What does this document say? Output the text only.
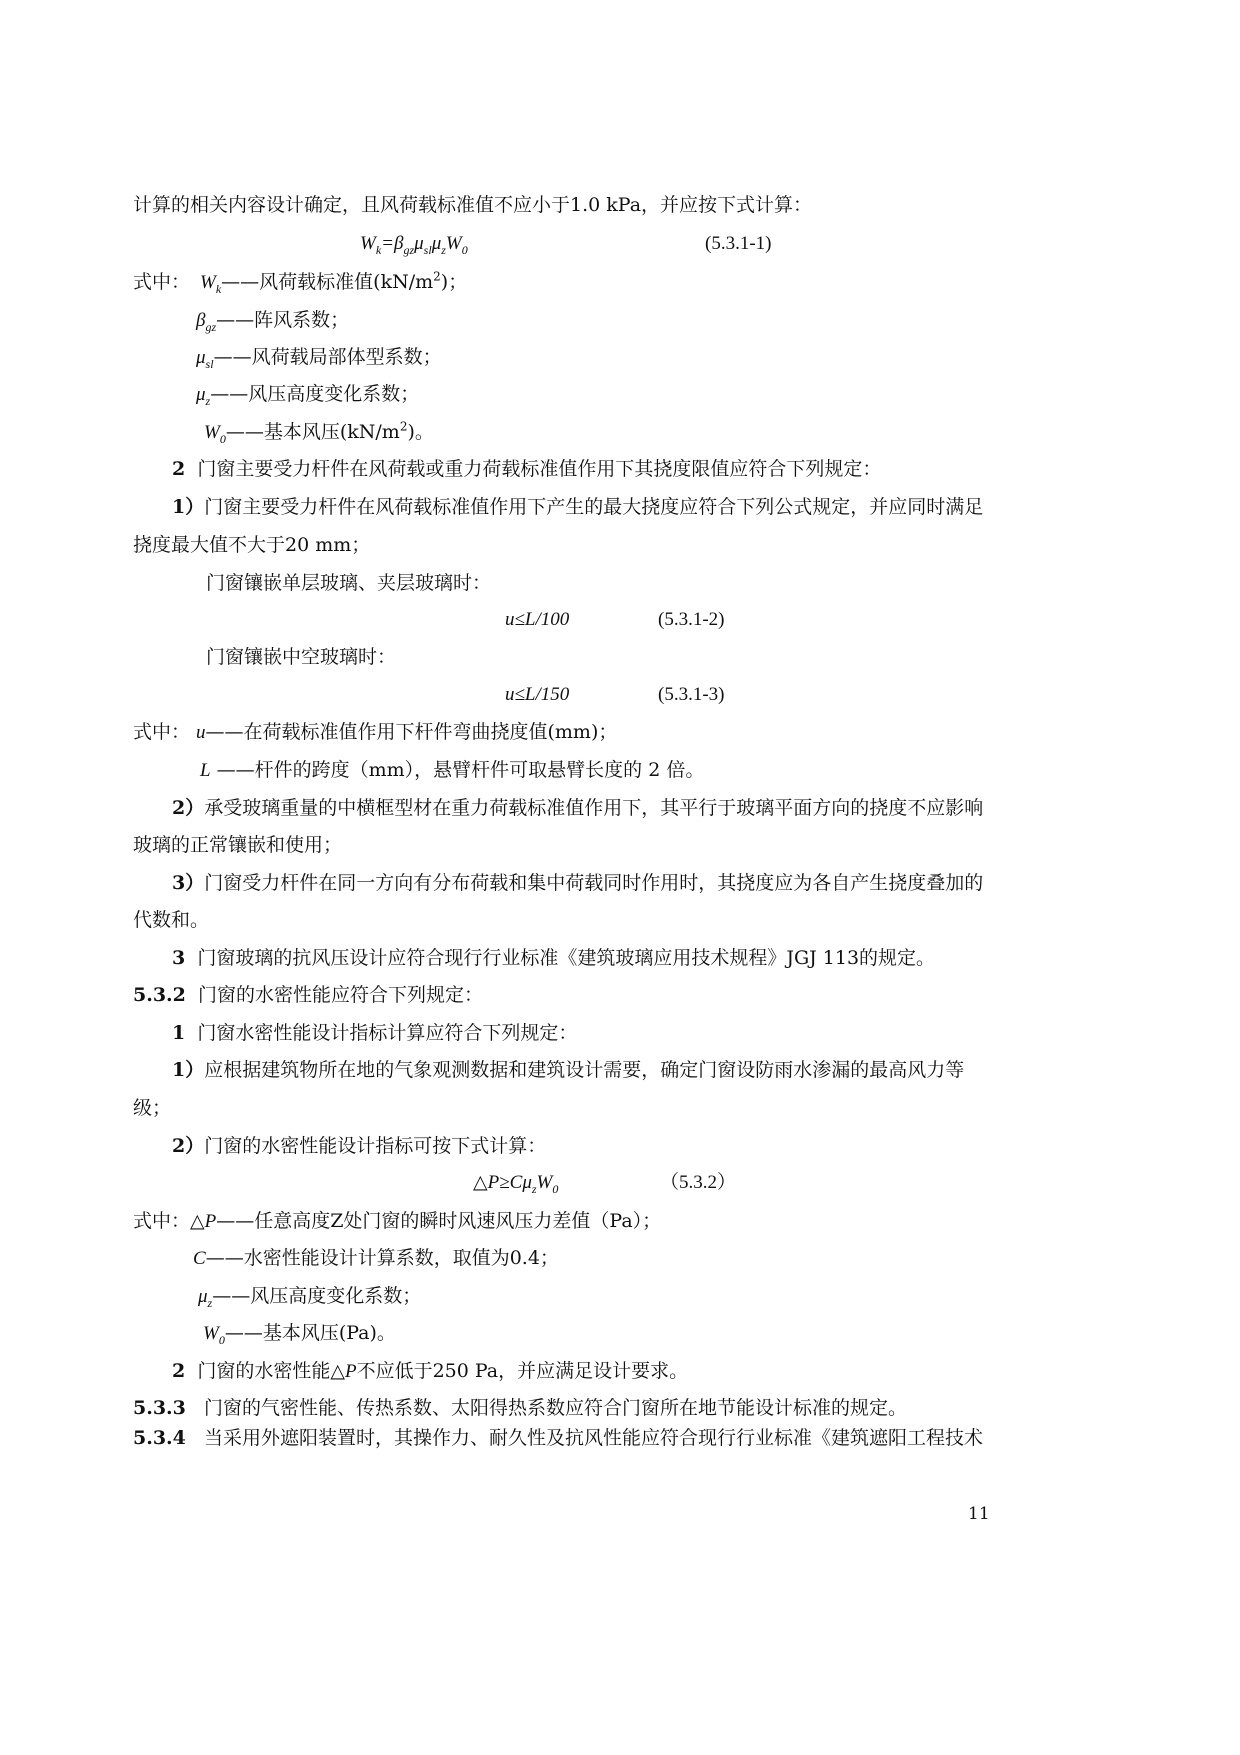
计算的相关内容设计确定，且风荷载标准值不应小于1.0 kPa，并应按下式计算：
$W_k=\beta_{gz}\mu_{sl}\mu_zW_0$	(5.3.1-1)
式中： $W_k——$风荷载标准值$(kN/m^2)$；
$\beta_{gz}——$阵风系数；
$\mu_{sl}——$风荷载局部体型系数；
$\mu_z——$风压高度变化系数；
$W_0——$基本风压$(kN/m^2)$。
2 门窗主要受力杆件在风荷载或重力荷载标准值作用下其挠度限值应符合下列规定：
1）门窗主要受力杆件在风荷载标准值作用下产生的最大挠度应符合下列公式规定，并应同时满足
挠度最大值不大于20 mm；
门窗镶嵌单层玻璃、夹层玻璃时：
u≤L/100	(5.3.1-2)
门窗镶嵌中空玻璃时：
u≤L/150	(5.3.1-3)
式中： u——在荷载标准值作用下杆件弯曲挠度值(mm)；
L ——杆件的跨度（mm），悬臂杆件可取悬臂长度的 2 倍。
2）承受玻璃重量的中横框型材在重力荷载标准值作用下，其平行于玻璃平面方向的挠度不应影响
玻璃的正常镶嵌和使用；
3）门窗受力杆件在同一方向有分布荷载和集中荷载同时作用时，其挠度应为各自产生挠度叠加的
代数和。
3 门窗玻璃的抗风压设计应符合现行行业标准《建筑玻璃应用技术规程》JGJ 113的规定。
5.3.2 门窗的水密性能应符合下列规定：
1 门窗水密性能设计指标计算应符合下列规定：
1）应根据建筑物所在地的气象观测数据和建筑设计需要，确定门窗设防雨水渗漏的最高风力等
级；
2）门窗的水密性能设计指标可按下式计算：
$\triangle P\ge C\mu_zW_0$	（5.3.2）
式中： △P——任意高度Z处门窗的瞬时风速风压力差值（Pa）；
C——水密性能设计计算系数，取值为0.4；
$\mu_z——$风压高度变化系数；
$W_0——$基本风压(Pa)。
2 门窗的水密性能△P不应低于250 Pa，并应满足设计要求。
5.3.3 门窗的气密性能、传热系数、太阳得热系数应符合门窗所在地节能设计标准的规定。
5.3.4 当采用外遮阳装置时，其操作力、耐久性及抗风性能应符合现行行业标准《建筑遮阳工程技术
11
